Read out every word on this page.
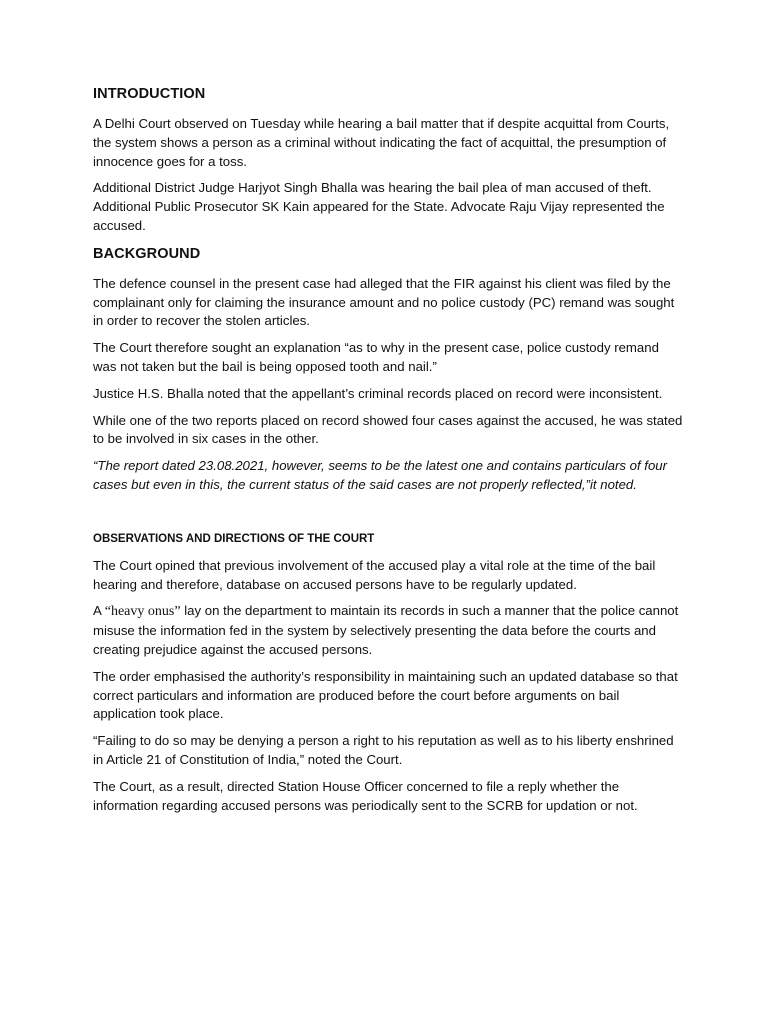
INTRODUCTION

A Delhi Court observed on Tuesday while hearing a bail matter that if despite acquittal from Courts, the system shows a person as a criminal without indicating the fact of acquittal, the presumption of innocence goes for a toss.

Additional District Judge Harjyot Singh Bhalla was hearing the bail plea of man accused of theft. Additional Public Prosecutor SK Kain appeared for the State. Advocate Raju Vijay represented the accused.

BACKGROUND

The defence counsel in the present case had alleged that the FIR against his client was filed by the complainant only for claiming the insurance amount and no police custody (PC) remand was sought in order to recover the stolen articles.

The Court therefore sought an explanation “as to why in the present case, police custody remand was not taken but the bail is being opposed tooth and nail.”

Justice H.S. Bhalla noted that the appellant’s criminal records placed on record were inconsistent.

While one of the two reports placed on record showed four cases against the accused, he was stated to be involved in six cases in the other.

“The report dated 23.08.2021, however, seems to be the latest one and contains particulars of four cases but even in this, the current status of the said cases are not properly reflected,”it noted.

OBSERVATIONS AND DIRECTIONS OF THE COURT

The Court opined that previous involvement of the accused play a vital role at the time of the bail hearing and therefore, database on accused persons have to be regularly updated.

A “heavy onus” lay on the department to maintain its records in such a manner that the police cannot misuse the information fed in the system by selectively presenting the data before the courts and creating prejudice against the accused persons.

The order emphasised the authority’s responsibility in maintaining such an updated database so that correct particulars and information are produced before the court before arguments on bail application took place.

“Failing to do so may be denying a person a right to his reputation as well as to his liberty enshrined in Article 21 of Constitution of India,” noted the Court.

The Court, as a result, directed Station House Officer concerned to file a reply whether the information regarding accused persons was periodically sent to the SCRB for updation or not.
